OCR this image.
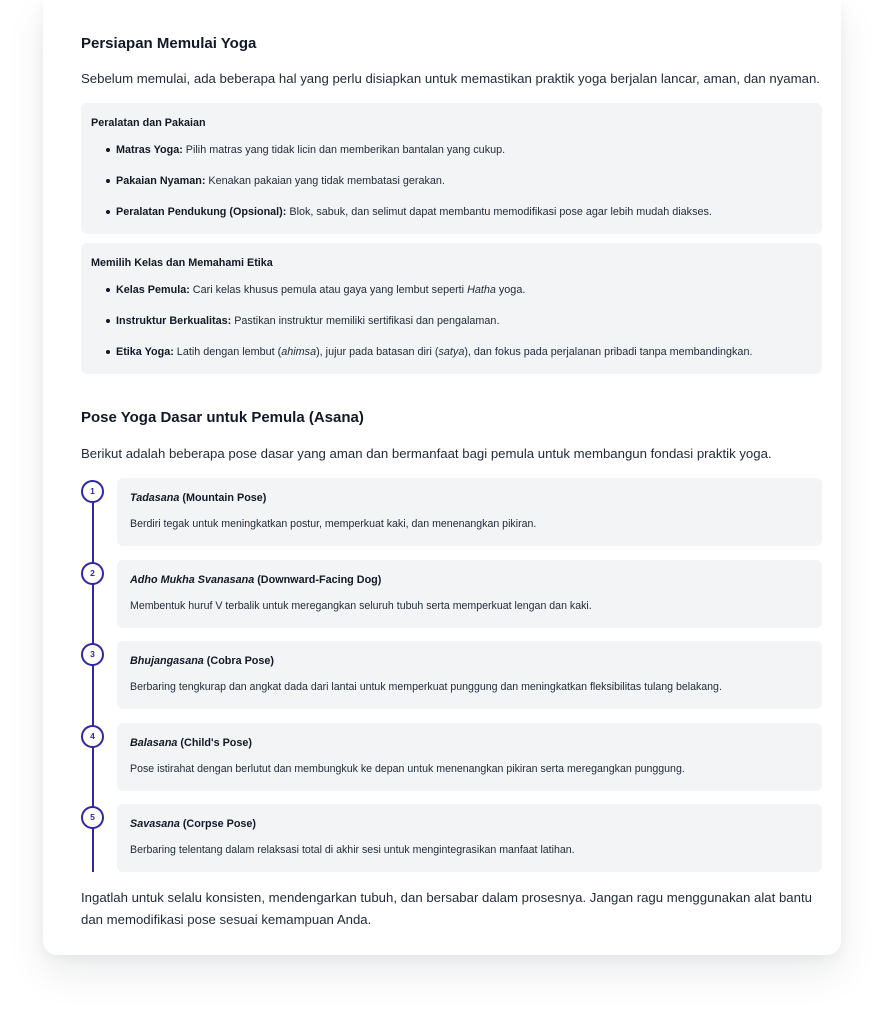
Persiapan Memulai Yoga

Sebelum memulai, ada beberapa hal yang perlu disiapkan untuk memastikan praktik yoga berjalan lancar, aman, dan nyaman.

Peralatan dan Pakaian
Matras Yoga: Pilih matras yang tidak licin dan memberikan bantalan yang cukup.
Pakaian Nyaman: Kenakan pakaian yang tidak membatasi gerakan.
Peralatan Pendukung (Opsional): Blok, sabuk, dan selimut dapat membantu memodifikasi pose agar lebih mudah diakses.
Memilih Kelas dan Memahami Etika
Kelas Pemula: Cari kelas khusus pemula atau gaya yang lembut seperti Hatha yoga.
Instruktur Berkualitas: Pastikan instruktur memiliki sertifikasi dan pengalaman.
Etika Yoga: Latih dengan lembut (ahimsa), jujur pada batasan diri (satya), dan fokus pada perjalanan pribadi tanpa membandingkan.
Pose Yoga Dasar untuk Pemula (Asana)

Berikut adalah beberapa pose dasar yang aman dan bermanfaat bagi pemula untuk membangun fondasi praktik yoga.

1
Tadasana (Mountain Pose)
Berdiri tegak untuk meningkatkan postur, memperkuat kaki, dan menenangkan pikiran.
2
Adho Mukha Svanasana (Downward-Facing Dog)
Membentuk huruf V terbalik untuk meregangkan seluruh tubuh serta memperkuat lengan dan kaki.
3
Bhujangasana (Cobra Pose)
Berbaring tengkurap dan angkat dada dari lantai untuk memperkuat punggung dan meningkatkan fleksibilitas tulang belakang.
4
Balasana (Child's Pose)
Pose istirahat dengan berlutut dan membungkuk ke depan untuk menenangkan pikiran serta meregangkan punggung.
5
Savasana (Corpse Pose)
Berbaring telentang dalam relaksasi total di akhir sesi untuk mengintegrasikan manfaat latihan.

Ingatlah untuk selalu konsisten, mendengarkan tubuh, dan bersabar dalam prosesnya. Jangan ragu menggunakan alat bantu dan memodifikasi pose sesuai kemampuan Anda.
